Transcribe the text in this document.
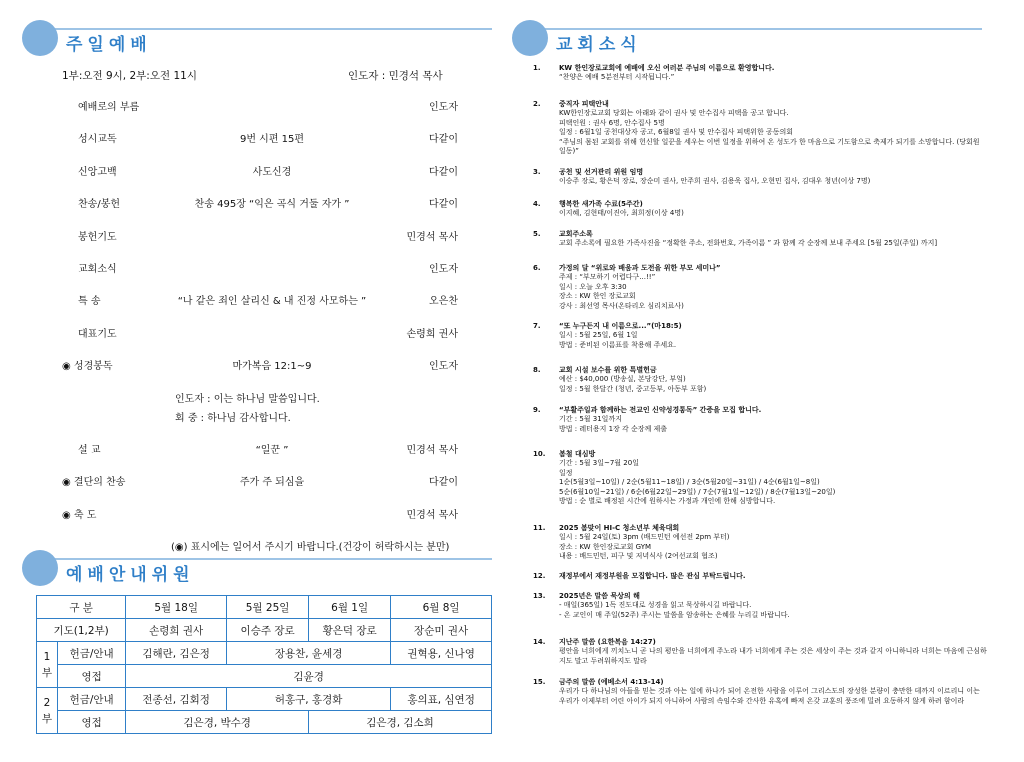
주일예배
1부:오전 9시, 2부:오전 11시	인도자 : 민경석 목사
예배로의 부름	인도자
성시교독	9번 시편 15편	다같이
신앙고백	사도신경	다같이
찬송/봉헌	찬송 495장 “익은 곡식 거둘 자가 ”	다같이
봉헌기도	민경석 목사
교회소식	인도자
특 송	“나 같은 죄인 살리신 & 내 진정 사모하는 ”	오은찬
대표기도	손령희 권사
◉ 성경봉독	마가복음 12:1~9	인도자
인도자 : 이는 하나님 말씀입니다.
회 중 : 하나님 감사합니다.
설 교	“일꾼 ”	민경석 목사
◉ 결단의 찬송	주가 주 되심을	다같이
◉ 축 도	민경석 목사
(◉) 표시에는 일어서 주시기 바랍니다.(건강이 허락하시는 분만)
예배안내위원
구 분		5월 18일	5월 25일	6월 1일	6월 8일
기도(1,2부)		손령희 권사	이승주 장로	황은덕 장로	장순미 권사
1
부	헌금/안내	김해란, 김은정	장용찬, 윤세경		권혁용, 신나영
	영접	김윤경			
2
부	헌금/안내	전종선, 김회정	허홍구, 홍경화		홍의표, 심연정
	영접	김은경, 박수경		김은경, 김소희	
교회소식
1.	KW 한인장로교회에 예배에 오신 여러분 주님의 이름으로 환영합니다.
“찬양은 예배 5분전부터 시작됩니다.”
2.	중직자 피택안내
KW한인장로교회 당회는 아래와 같이 권사 및 안수집사 피택을 공고 합니다.
피택인원 : 권사 6명, 안수집사 5명
일정 : 6월1일 공천대상자 공고, 6월8일 권사 및 안수집사 피택위한 공동의회
“주님의 몸된 교회를 위해 헌신할 일꾼을 세우는 이번 일정을 위하여 온 성도가 한 마음으로 기도함으로 축제가 되기를 소망합니다. (당회원 일동)”
3.	공천 및 선거관리 위원 임명
이승주 장로, 황은덕 장로, 장순미 권사, 안주희 권사, 김용욱 집사, 오현민 집사, 김대우 청년(이상 7명)
4.	행복한 새가족 수료(5주간)
이지혜, 김현태/이진아, 최희정(이상 4명)
5.	교회주소록
교회 주소록에 필요한 가족사진을 “정확한 주소, 전화번호, 가족이름 ” 과 함께 각 순장께 보내 주세요 [5월 25일(주일) 까지]
6.	가정의 달 “위로와 배움과 도전을 위한 부모 세미나”
주제 : “부모하기 어렵다구...!!”
일시 : 오늘 오후 3:30
장소 : KW 한인 장로교회
강사 : 최선영 목사(온타리오 심리치료사)
7.	“또 누구든지 내 이름으로...”(마18:5)
일시 : 5월 25일, 6월 1일
방법 : 준비된 이름표를 착용해 주세요.
8.	교회 시설 보수를 위한 특별헌금
예산 : $40,000 (방송실, 본당강단, 부엌)
일정 : 5월 한달간 (청년, 중고등부, 아동부 포함)
9.	“부활주일과 함께하는 전교인 신약성경통독” 간증을 모집 합니다.
기간 : 5월 31일까지
방법 : 레터용지 1장 각 순장께 제출
10. 봄철 대심방
기간 : 5월 3일~7월 20일
일정
1순(5월3일~10일) / 2순(5월11~18일) / 3순(5월20일~31일) / 4순(6월1일~8일)
5순(6월10일~21일) / 6순(6월22일~29일) / 7순(7월1일~12일) / 8순(7월13일~20일)
방법 : 순 별로 배정된 시간에 원하시는 가정과 개인에 한해 심방합니다.
11. 2025 봄맞이 HI-C 청소년부 체육대회
일시 : 5월 24일(토) 3pm (배드민턴 예선전 2pm 부터)
장소 : KW 한인장로교회 GYM
내용 : 배드민턴, 피구 및 저녁식사 (2여선교회 협조)
12. 재정부에서 재정부원을 모집합니다. 많은 관심 부탁드립니다.
13. 2025년은 말씀 묵상의 해
- 매일(365일) 1독 진도대로 성경을 읽고 묵상하시길 바랍니다.
- 온 교인이 매 주일(52주) 주시는 말씀을 암송하는 은혜를 누리길 바랍니다.
14. 지난주 말씀 (요한복음 14:27)
평안을 너희에게 끼치노니 곧 나의 평안을 너희에게 주노라 내가 너희에게 주는 것은 세상이 주는 것과 같지 아니하니라 너희는 마음에 근심하지도 말고 두려워하지도 말라
15. 금주의 말씀 (에베소서 4:13-14)
우리가 다 하나님의 아들을 믿는 것과 아는 일에 하나가 되어 온전한 사람을 이루어 그리스도의 장성한 분량이 충만한 데까지 이르리니 이는 우리가 이제부터 어린 아이가 되지 아니하여 사람의 속임수와 간사한 유혹에 빠져 온갖 교훈의 풍조에 밀려 요동하지 않게 하려 함이라
